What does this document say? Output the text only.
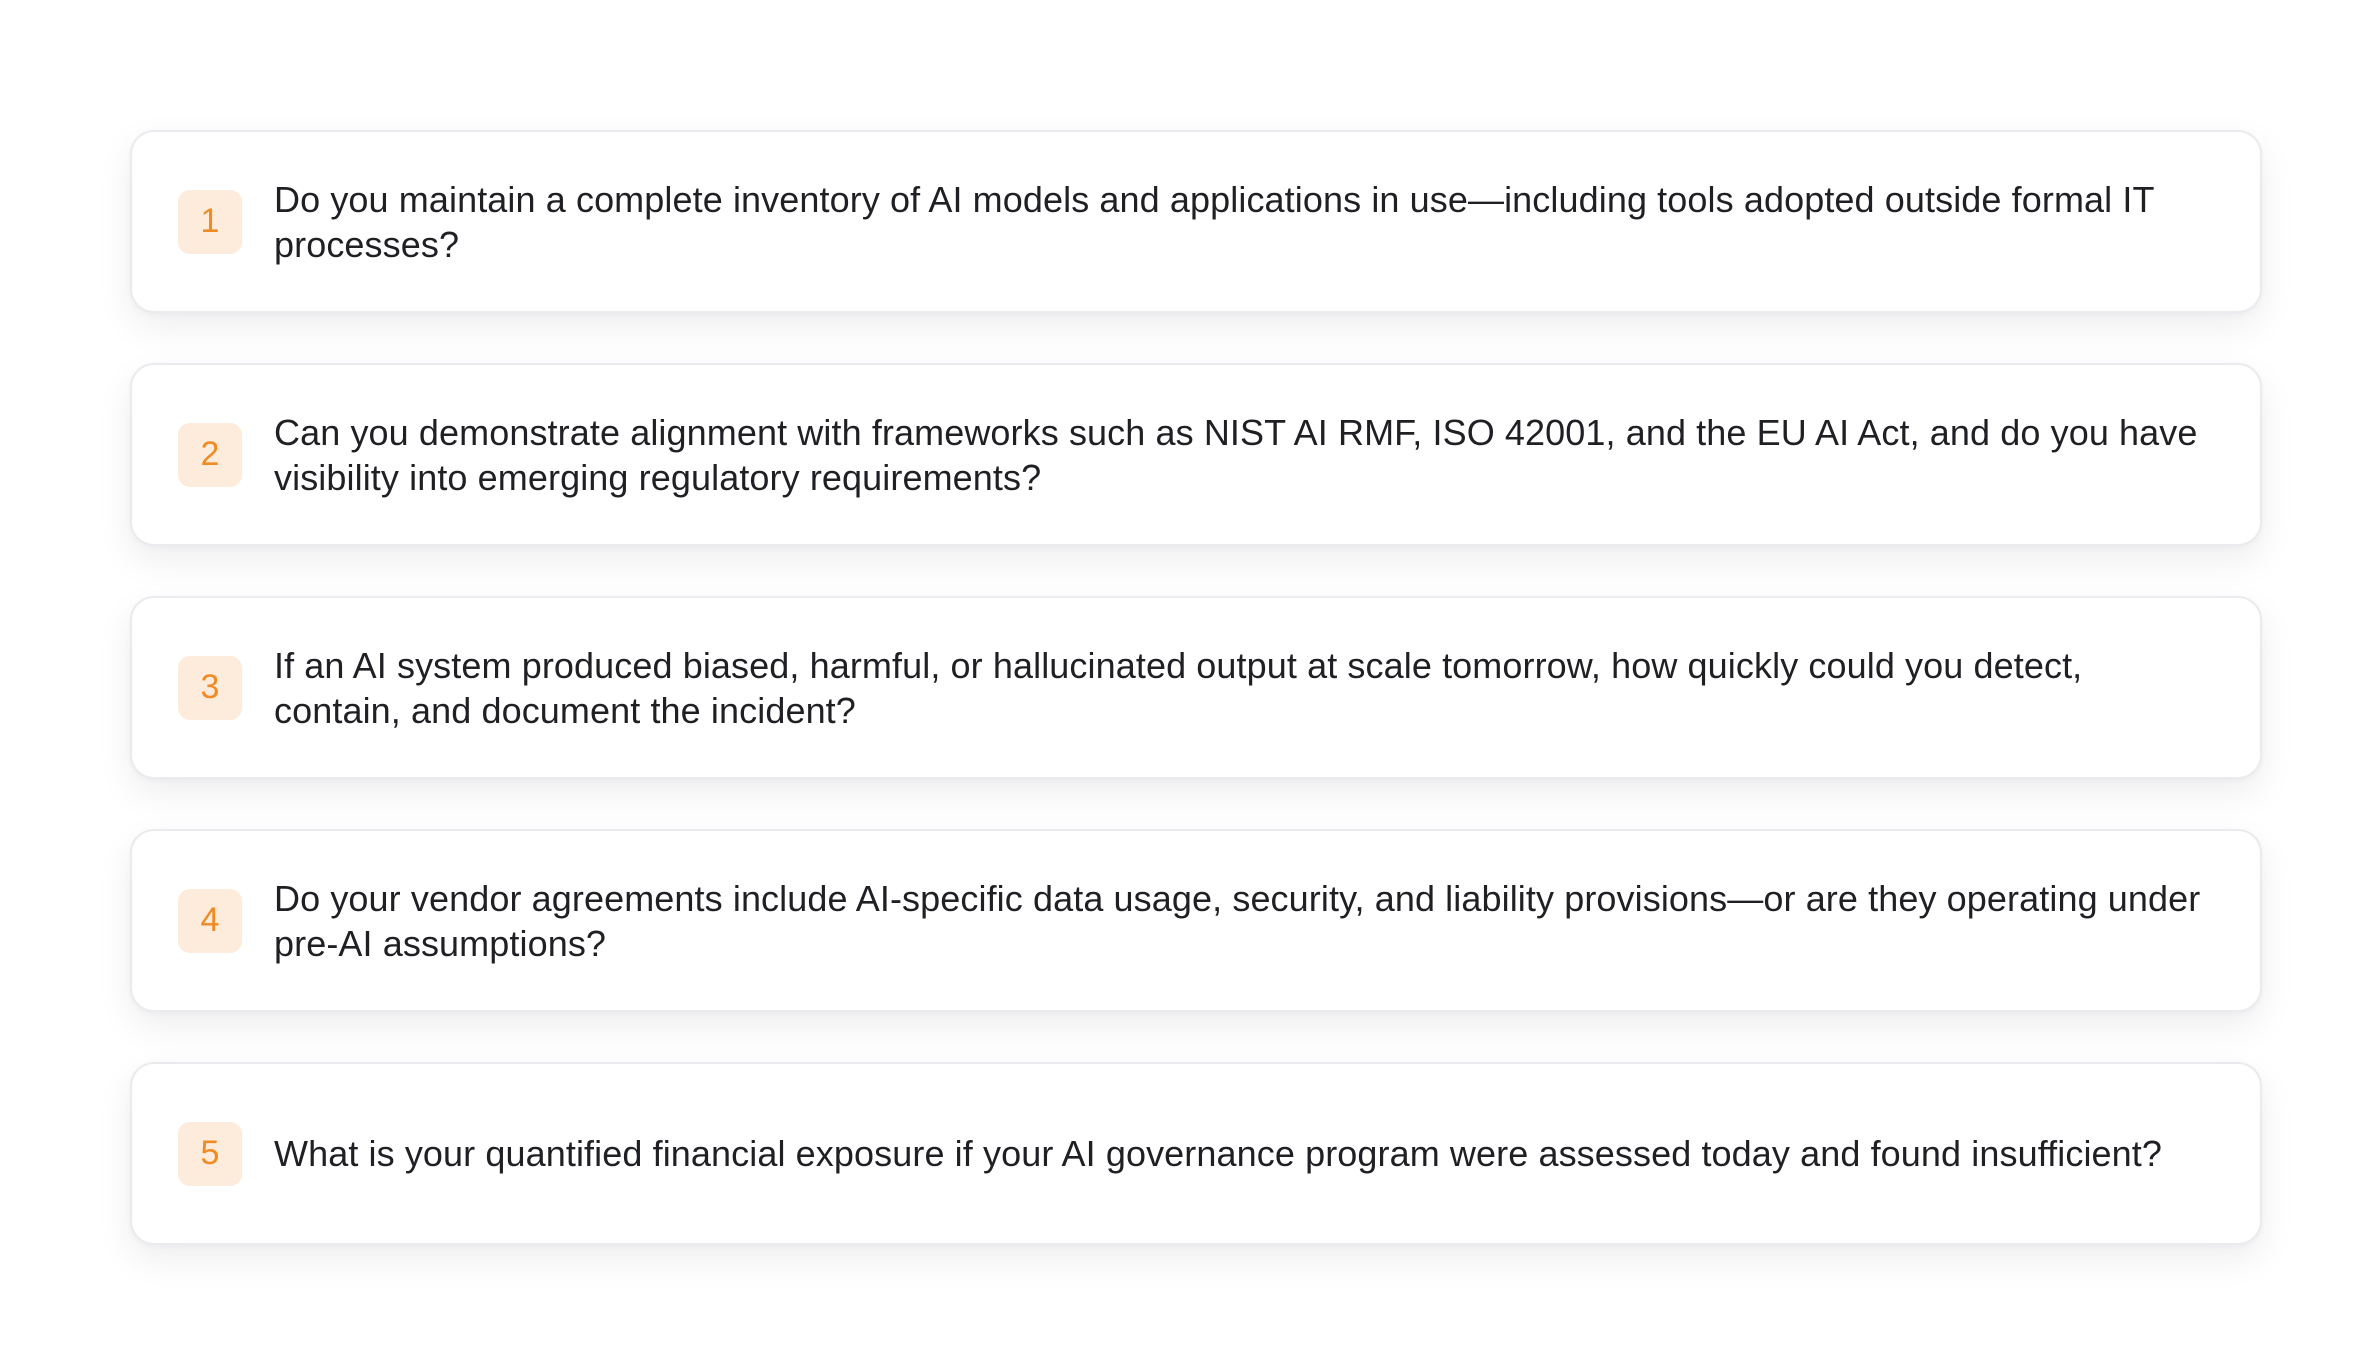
1
Do you maintain a complete inventory of AI models and applications in use—including tools adopted outside formal IT processes?
2
Can you demonstrate alignment with frameworks such as NIST AI RMF, ISO 42001, and the EU AI Act, and do you have visibility into emerging regulatory requirements?
3
If an AI system produced biased, harmful, or hallucinated output at scale tomorrow, how quickly could you detect, contain, and document the incident?
4
Do your vendor agreements include AI-specific data usage, security, and liability provisions—or are they operating under pre-AI assumptions?
5	What is your quantified financial exposure if your AI governance program were assessed today and found insufficient?
